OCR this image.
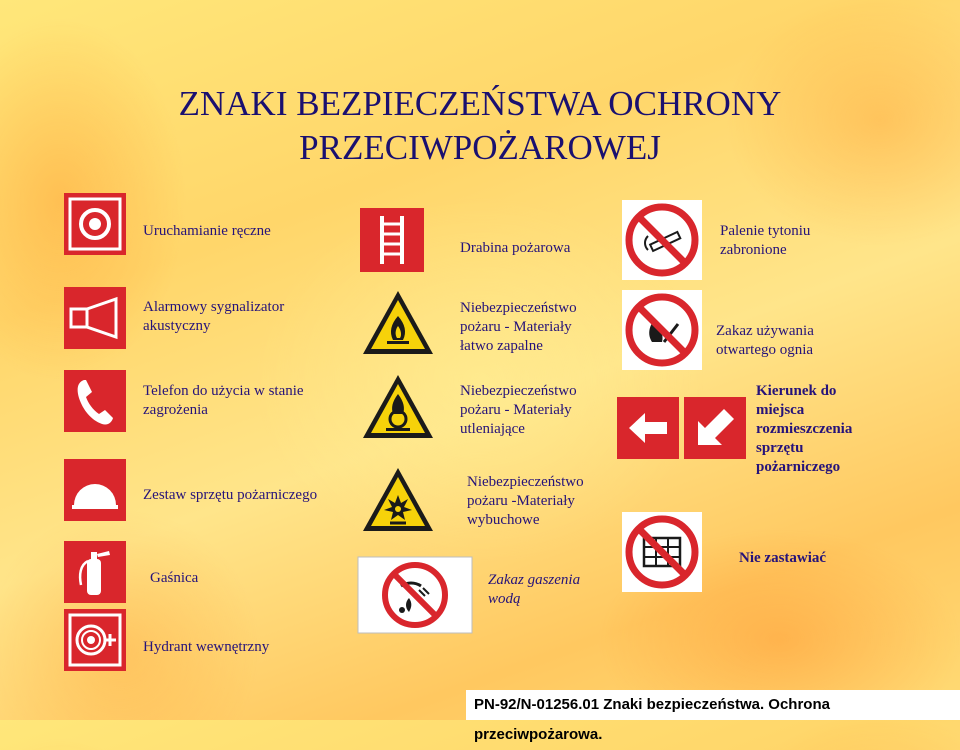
ZNAKI BEZPIECZEŃSTWA OCHRONY
PRZECIWPOŻAROWEJ
Uruchamianie ręczne
Alarmowy sygnalizator
akustyczny
Telefon do użycia w stanie
zagrożenia
Zestaw sprzętu pożarniczego
Gaśnica
Hydrant wewnętrzny
Drabina pożarowa
Niebezpieczeństwo
pożaru - Materiały
łatwo zapalne
Niebezpieczeństwo
pożaru - Materiały
utleniające
Niebezpieczeństwo
pożaru -Materiały
wybuchowe
Zakaz gaszenia
wodą
Palenie tytoniu
zabronione
Zakaz używania
otwartego ognia
Kierunek do
miejsca
rozmieszczenia
sprzętu
pożarniczego
Nie zastawiać
PN-92/N-01256.01 Znaki bezpieczeństwa. Ochrona przeciwpożarowa.
